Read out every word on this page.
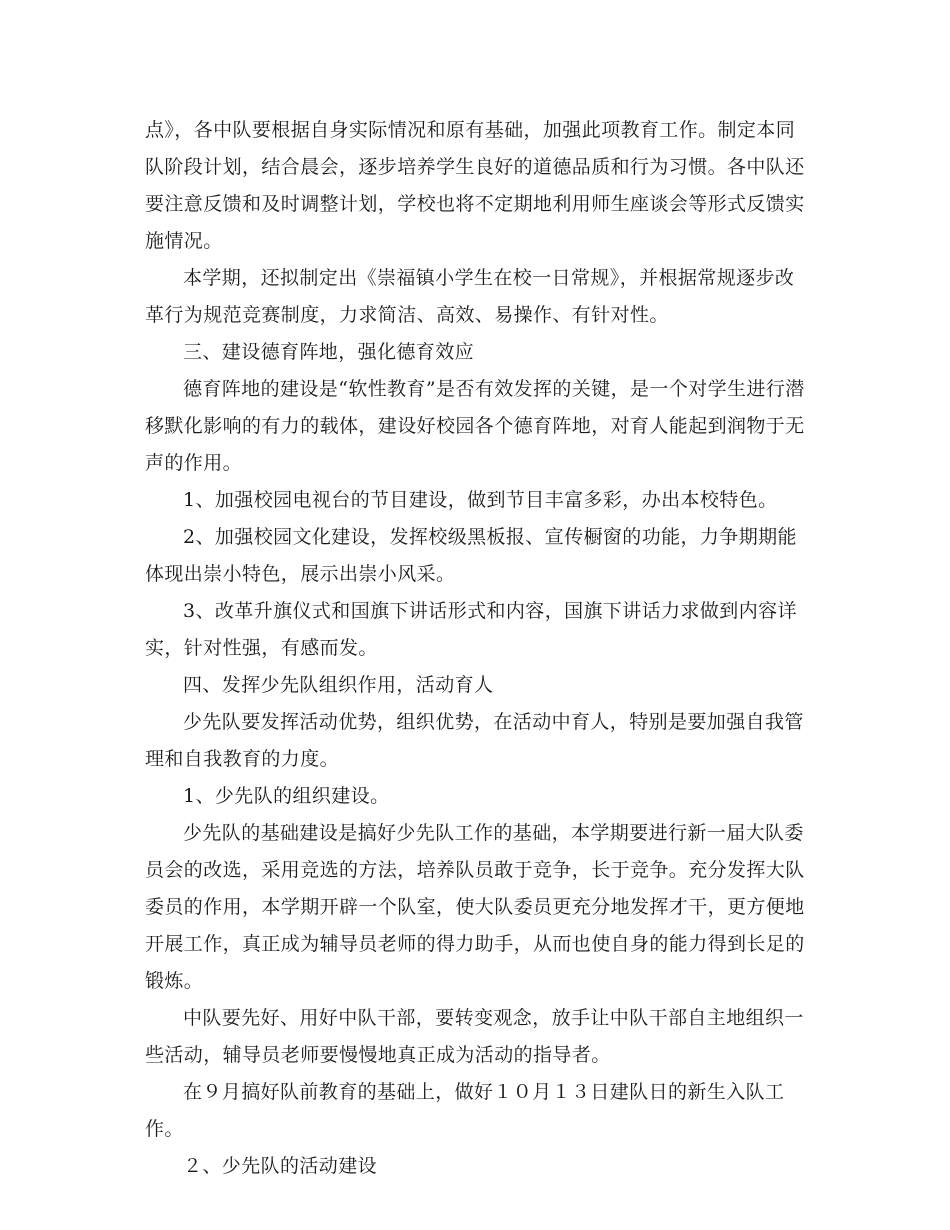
点》，各中队要根据自身实际情况和原有基础，加强此项教育工作。制定本同队阶段计划，结合晨会，逐步培养学生良好的道德品质和行为习惯。各中队还要注意反馈和及时调整计划，学校也将不定期地利用师生座谈会等形式反馈实施情况。

本学期，还拟制定出《崇福镇小学生在校一日常规》，并根据常规逐步改革行为规范竞赛制度，力求简洁、高效、易操作、有针对性。

三、建设德育阵地，强化德育效应

德育阵地的建设是“软性教育”是否有效发挥的关键，是一个对学生进行潜移默化影响的有力的载体，建设好校园各个德育阵地，对育人能起到润物于无声的作用。

1、加强校园电视台的节目建设，做到节目丰富多彩，办出本校特色。

2、加强校园文化建设，发挥校级黑板报、宣传橱窗的功能，力争期期能体现出崇小特色，展示出崇小风采。

3、改革升旗仪式和国旗下讲话形式和内容，国旗下讲话力求做到内容详实，针对性强，有感而发。

四、发挥少先队组织作用，活动育人

少先队要发挥活动优势，组织优势，在活动中育人，特别是要加强自我管理和自我教育的力度。

1、少先队的组织建设。

少先队的基础建设是搞好少先队工作的基础，本学期要进行新一届大队委员会的改选，采用竞选的方法，培养队员敢于竞争，长于竞争。充分发挥大队委员的作用，本学期开辟一个队室，使大队委员更充分地发挥才干，更方便地开展工作，真正成为辅导员老师的得力助手，从而也使自身的能力得到长足的锻炼。

中队要先好、用好中队干部，要转变观念，放手让中队干部自主地组织一些活动，辅导员老师要慢慢地真正成为活动的指导者。

在９月搞好队前教育的基础上，做好１０月１３日建队日的新生入队工作。

２、少先队的活动建设
